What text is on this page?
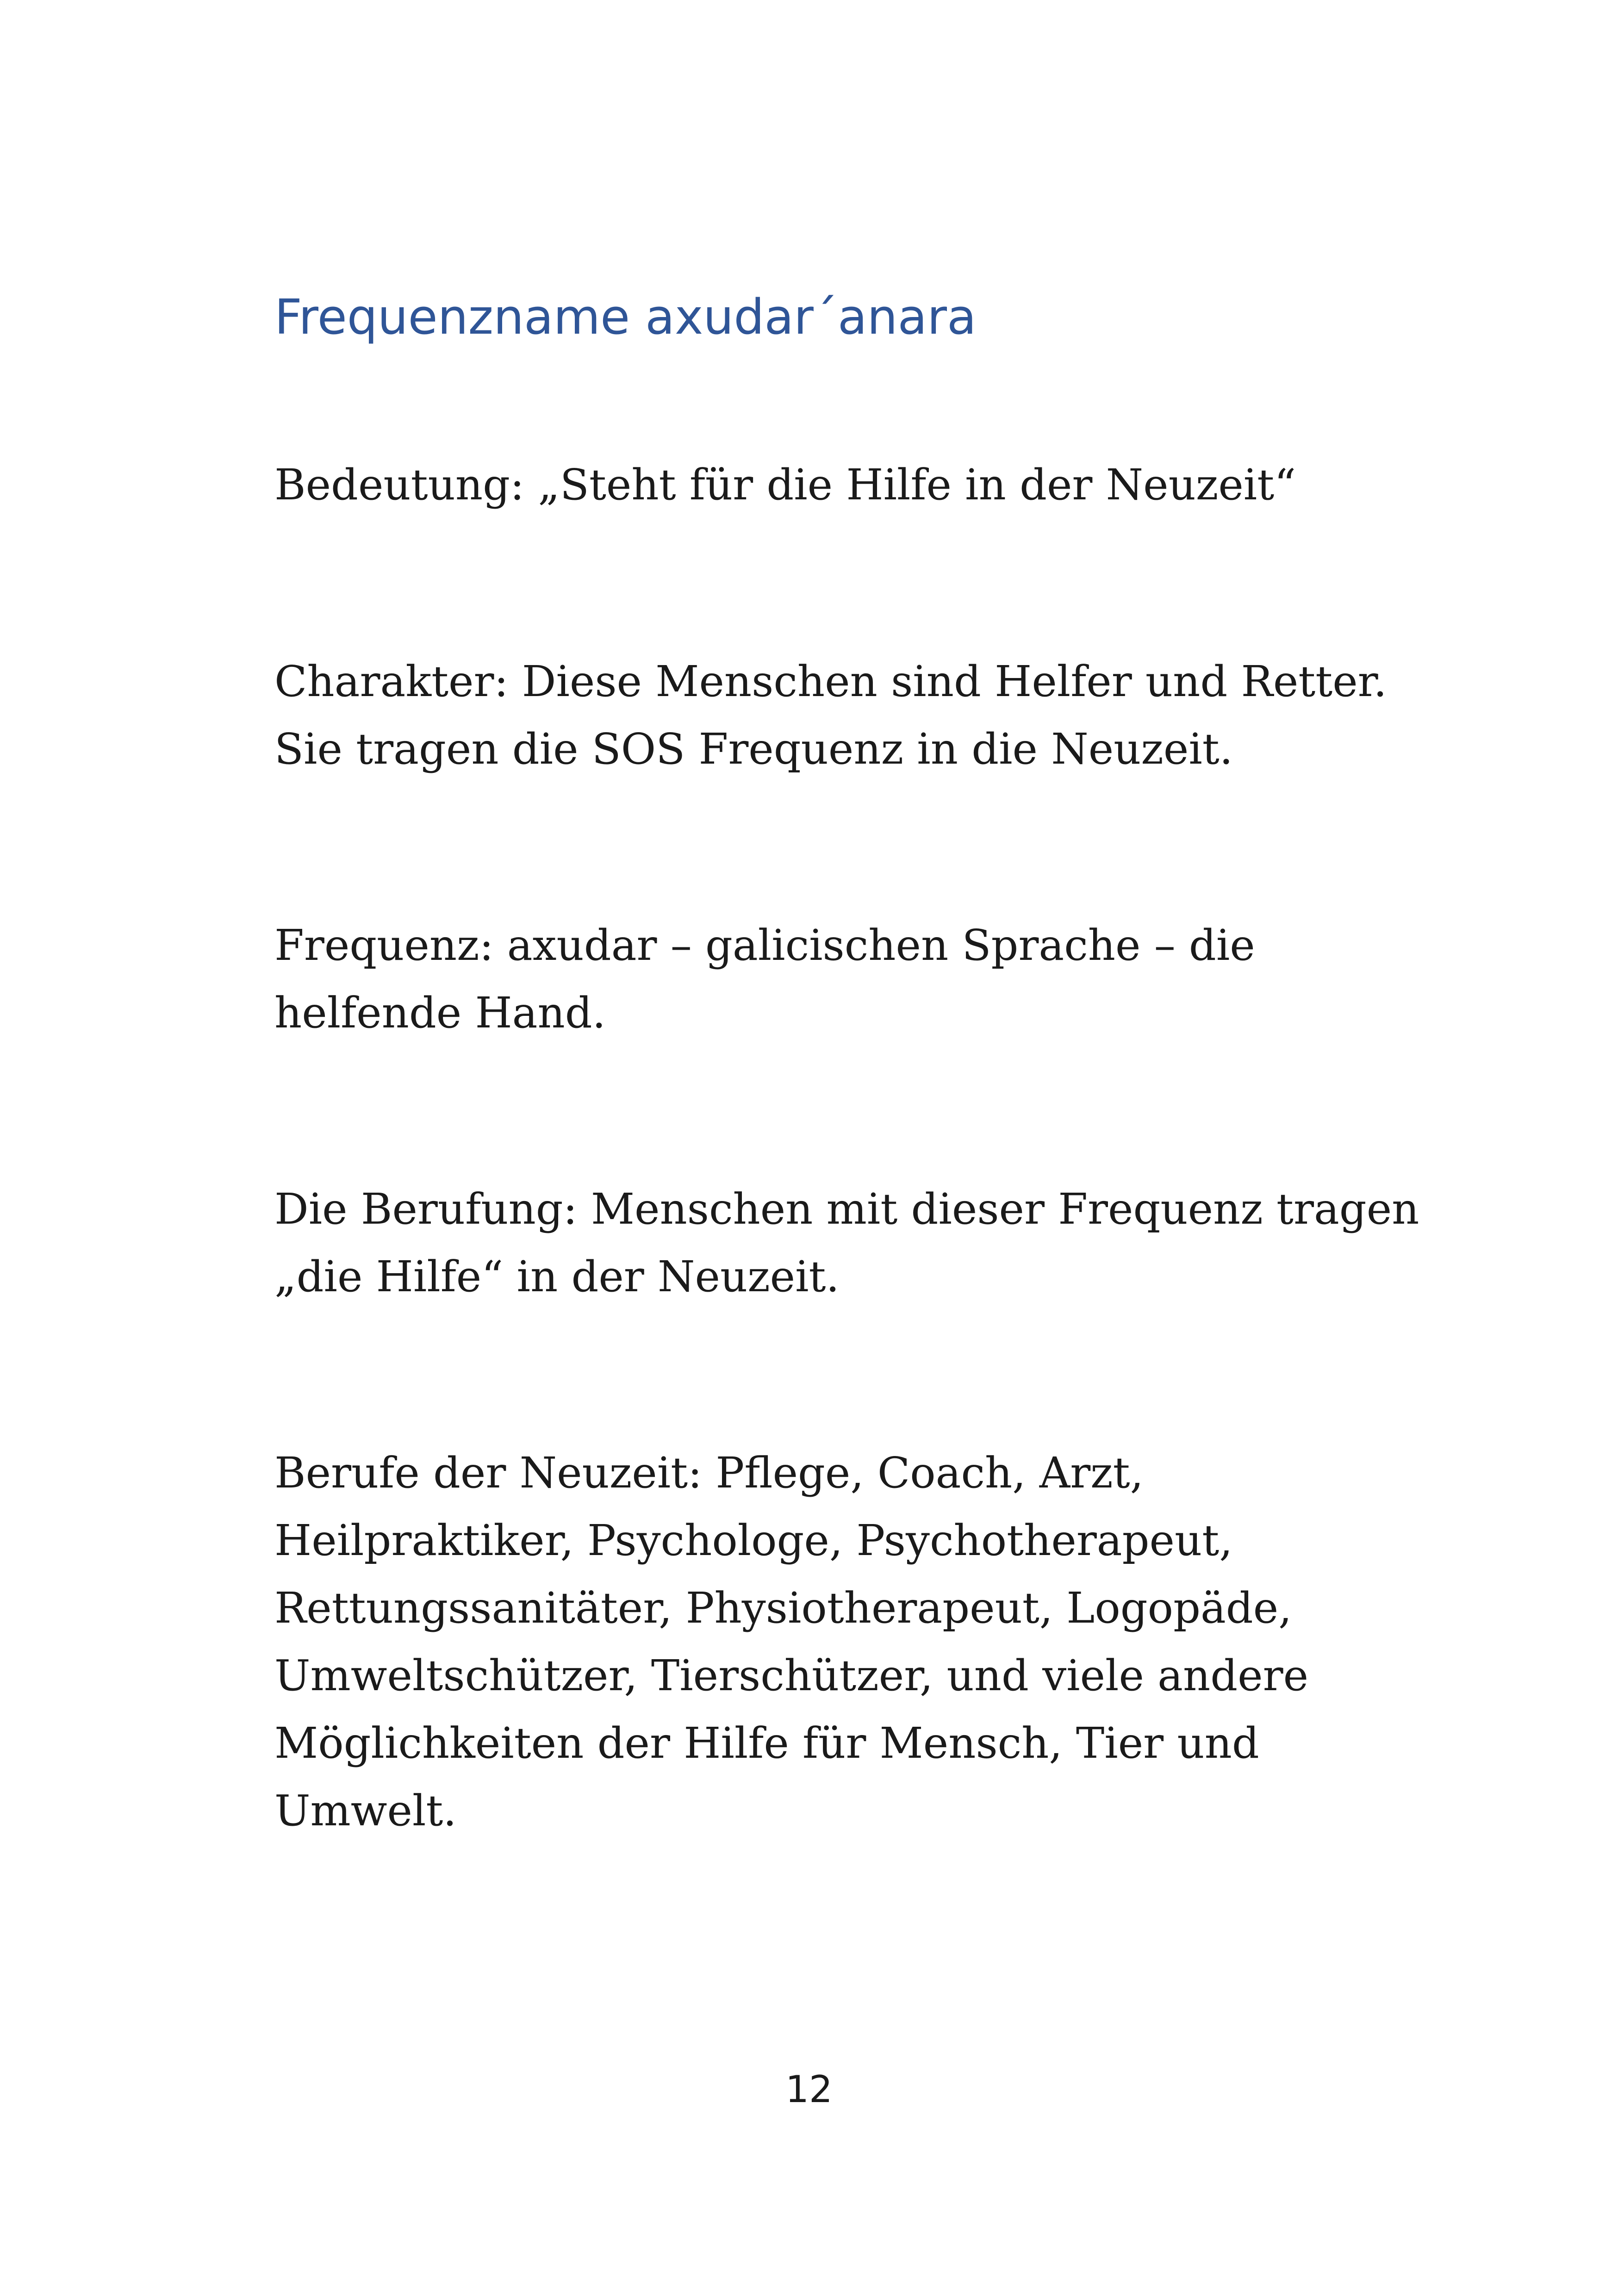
Frequenzname axudar´anara

Bedeutung: „Steht für die Hilfe in der Neuzeit“

Charakter: Diese Menschen sind Helfer und Retter.
Sie tragen die SOS Frequenz in die Neuzeit.

Frequenz: axudar – galicischen Sprache – die
helfende Hand.

Die Berufung: Menschen mit dieser Frequenz tragen
„die Hilfe“ in der Neuzeit.

Berufe der Neuzeit: Pflege, Coach, Arzt,
Heilpraktiker, Psychologe, Psychotherapeut,
Rettungssanitäter, Physiotherapeut, Logopäde,
Umweltschützer, Tierschützer, und viele andere
Möglichkeiten der Hilfe für Mensch, Tier und
Umwelt.

12
